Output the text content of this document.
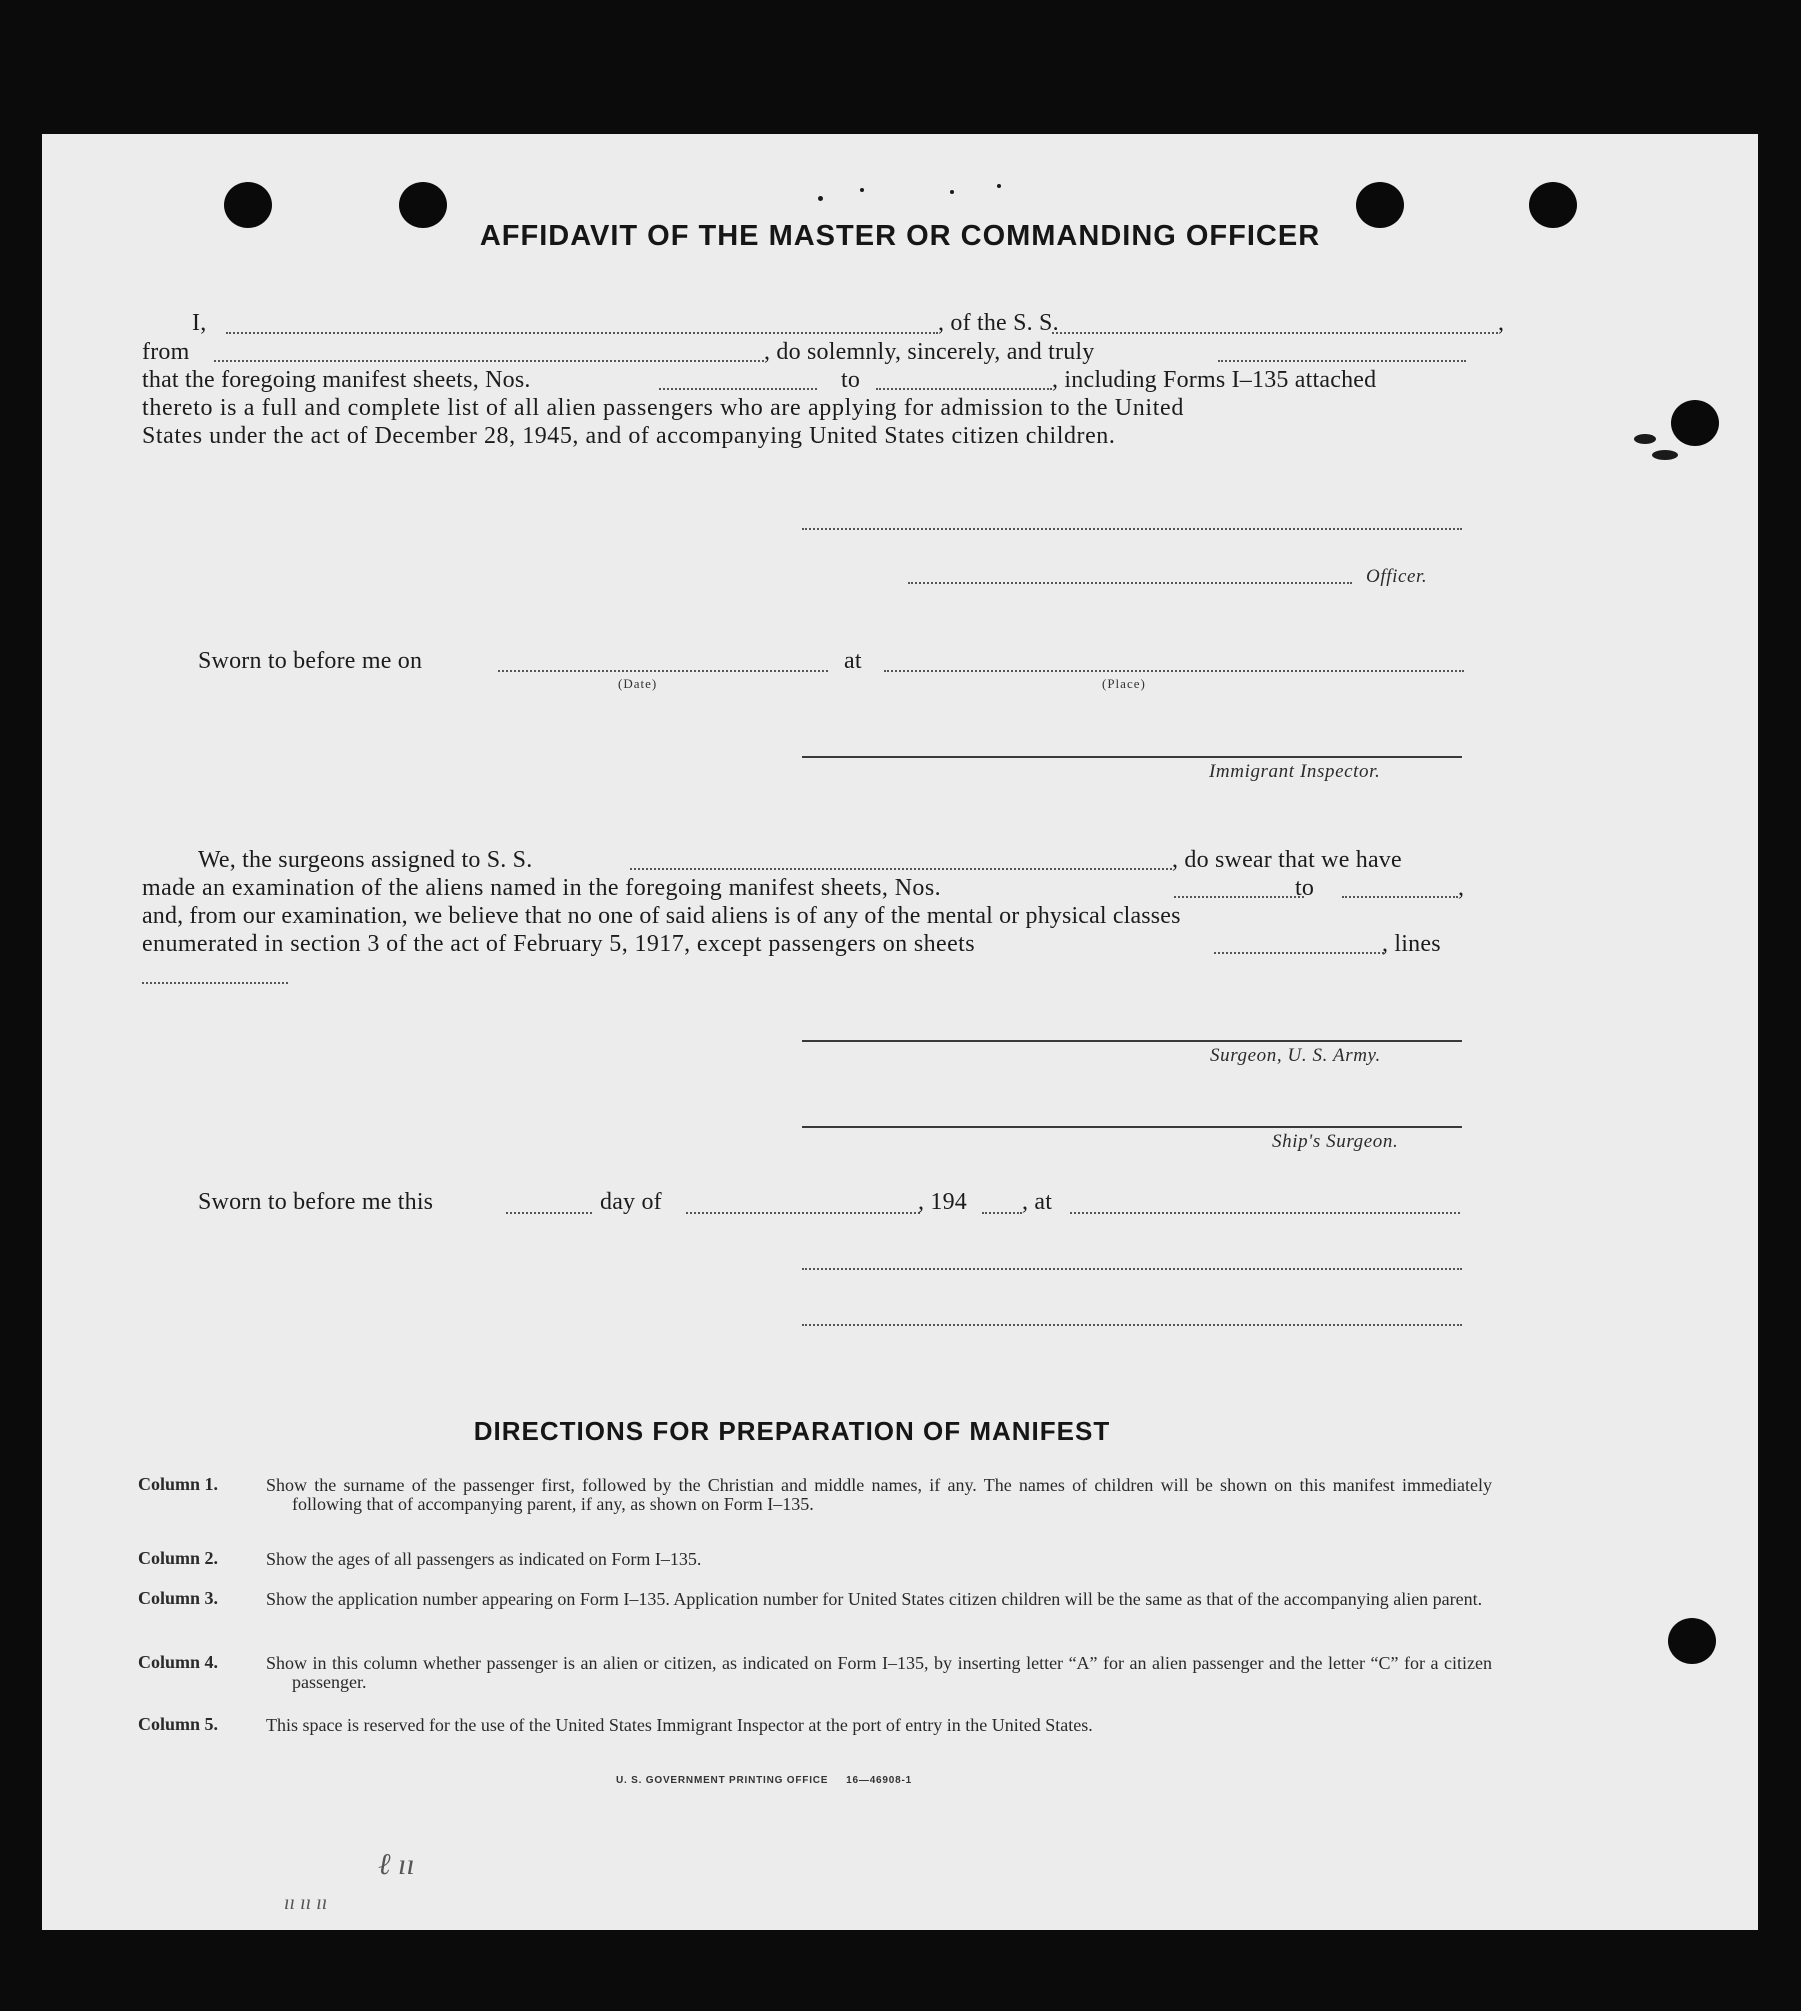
AFFIDAVIT OF THE MASTER OR COMMANDING OFFICER
I,	, of the S. S.	,
from	, do solemnly, sincerely, and truly
that the foregoing manifest sheets, Nos.	to	, including Forms I–135 attached
thereto is a full and complete list of all alien passengers who are applying for admission to the United
States under the act of December 28, 1945, and of accompanying United States citizen children.
Officer.
Sworn to before me on
(Date)
at
(Place)
Immigrant Inspector.
We, the surgeons assigned to S. S.	, do swear that we have
made an examination of the aliens named in the foregoing manifest sheets, Nos.	to	,
and, from our examination, we believe that no one of said aliens is of any of the mental or physical classes
enumerated in section 3 of the act of February 5, 1917, except passengers on sheets	, lines
Surgeon, U. S. Army.
Ship's Surgeon.
Sworn to before me this	day of	, 194 , at
DIRECTIONS FOR PREPARATION OF MANIFEST
Column 1.	Show the surname of the passenger first, followed by the Christian and middle names, if any. The names of children will be shown on this manifest immediately following that of accompanying parent, if any, as shown on Form I–135.
Column 2.	Show the ages of all passengers as indicated on Form I–135.
Column 3.	Show the application number appearing on Form I–135. Application number for United States citizen children will be the same as that of the accompanying alien parent.
Column 4.	Show in this column whether passenger is an alien or citizen, as indicated on Form I–135, by inserting letter “A” for an alien passenger and the letter “C” for a citizen passenger.
Column 5.	This space is reserved for the use of the United States Immigrant Inspector at the port of entry in the United States.
U. S. GOVERNMENT PRINTING OFFICE     16—46908-1
ℓ ıı
ıı ıı ıı
